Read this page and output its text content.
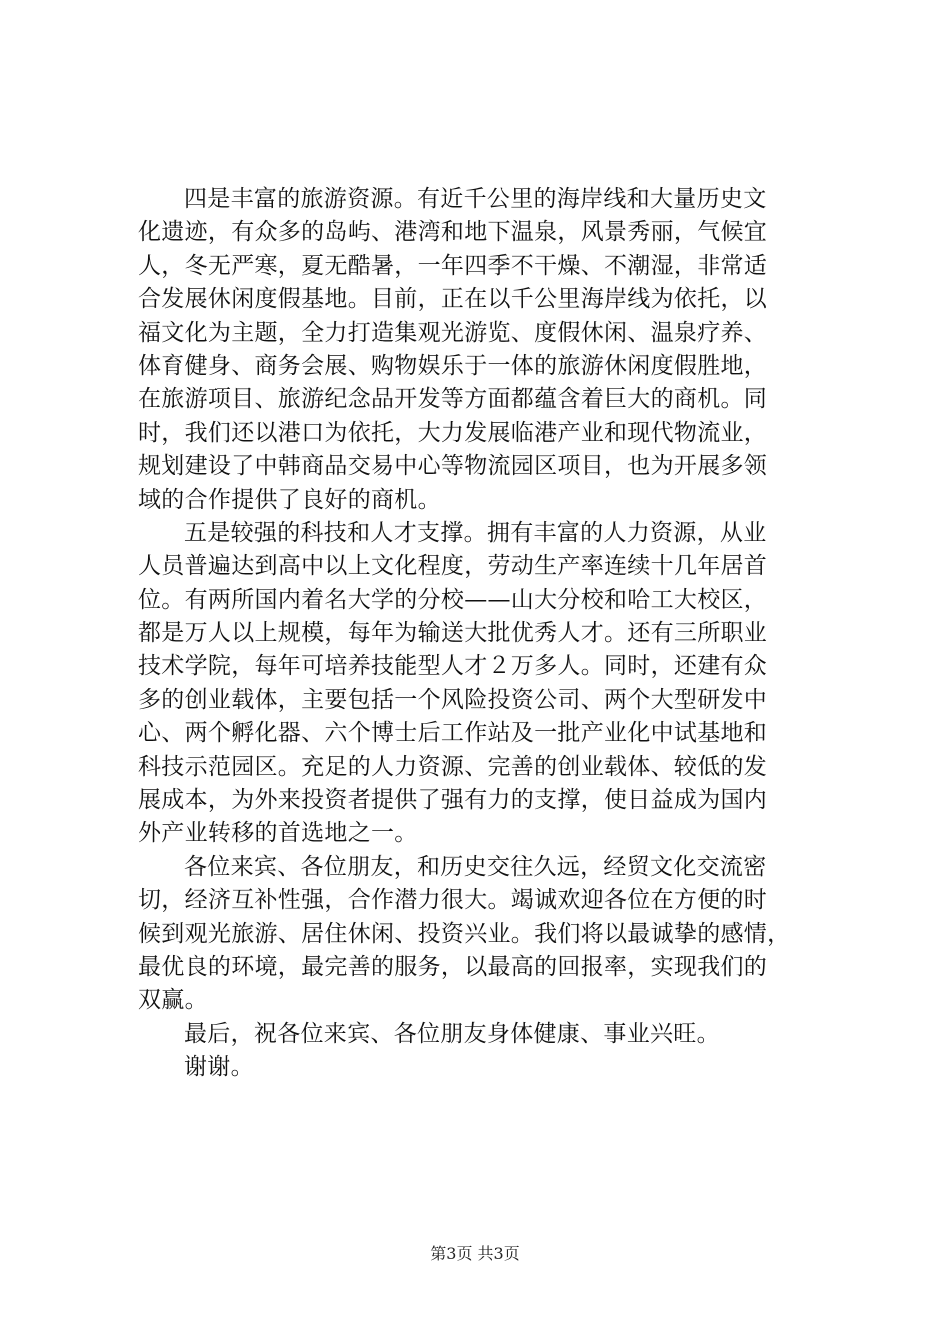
四是丰富的旅游资源。有近千公里的海岸线和大量历史文
化遗迹，有众多的岛屿、港湾和地下温泉，风景秀丽，气候宜
人，冬无严寒，夏无酷暑，一年四季不干燥、不潮湿，非常适
合发展休闲度假基地。目前，正在以千公里海岸线为依托，以
福文化为主题，全力打造集观光游览、度假休闲、温泉疗养、
体育健身、商务会展、购物娱乐于一体的旅游休闲度假胜地，
在旅游项目、旅游纪念品开发等方面都蕴含着巨大的商机。同
时，我们还以港口为依托，大力发展临港产业和现代物流业，
规划建设了中韩商品交易中心等物流园区项目，也为开展多领
域的合作提供了良好的商机。
五是较强的科技和人才支撑。拥有丰富的人力资源，从业
人员普遍达到高中以上文化程度，劳动生产率连续十几年居首
位。有两所国内着名大学的分校——山大分校和哈工大校区，
都是万人以上规模，每年为输送大批优秀人才。还有三所职业
技术学院，每年可培养技能型人才２万多人。同时，还建有众
多的创业载体，主要包括一个风险投资公司、两个大型研发中
心、两个孵化器、六个博士后工作站及一批产业化中试基地和
科技示范园区。充足的人力资源、完善的创业载体、较低的发
展成本，为外来投资者提供了强有力的支撑，使日益成为国内
外产业转移的首选地之一。
各位来宾、各位朋友，和历史交往久远，经贸文化交流密
切，经济互补性强，合作潜力很大。竭诚欢迎各位在方便的时
候到观光旅游、居住休闲、投资兴业。我们将以最诚挚的感情，
最优良的环境，最完善的服务，以最高的回报率，实现我们的
双赢。
最后，祝各位来宾、各位朋友身体健康、事业兴旺。
谢谢。
第3页 共3页
